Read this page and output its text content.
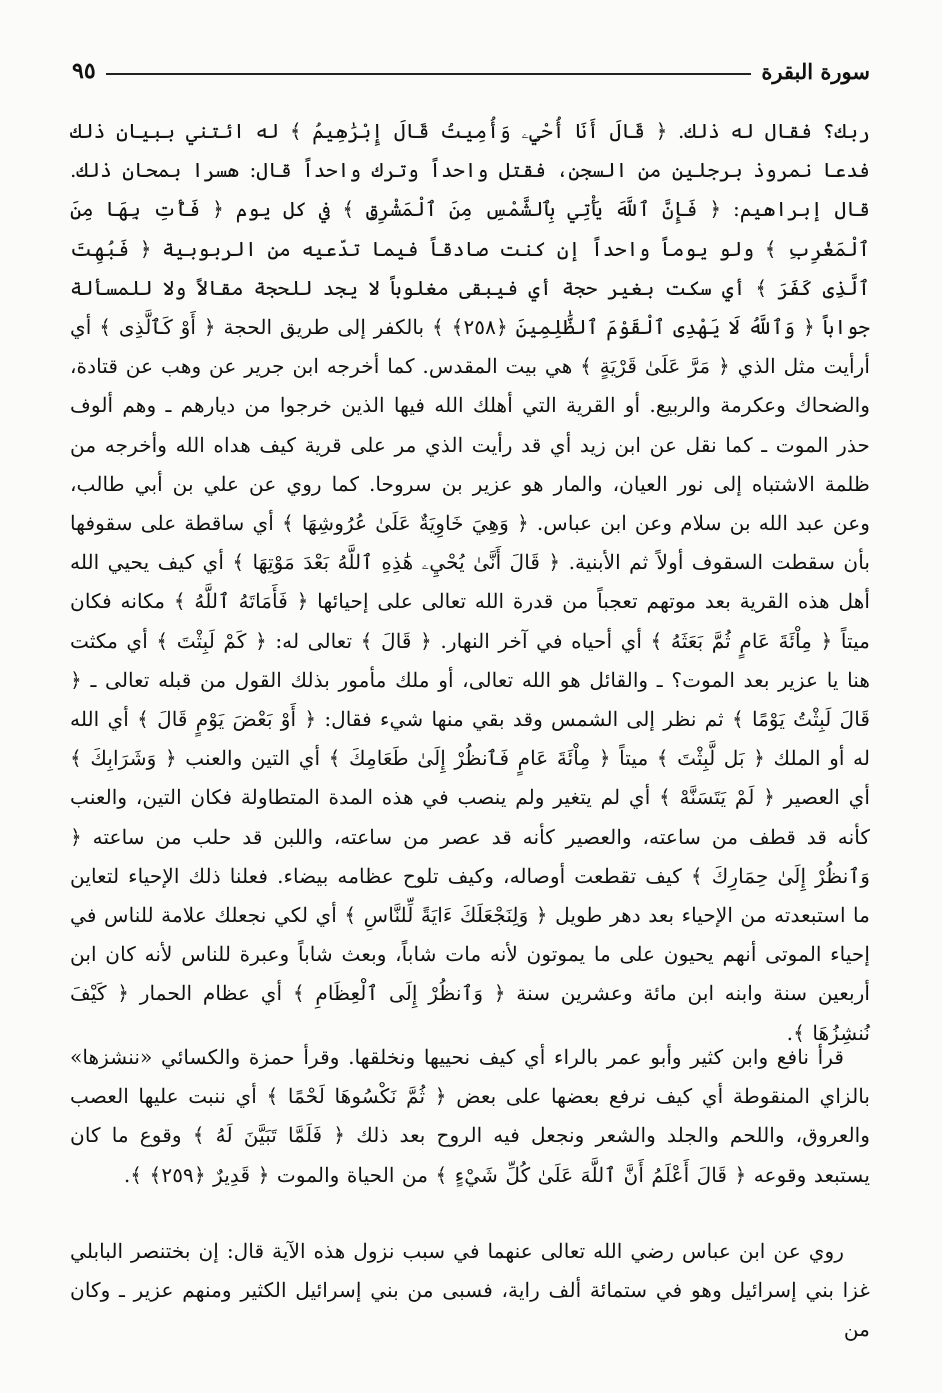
سورة البقرة
٩٥

ربك؟ فقال له ذلك. ﴿ قَالَ أَنَا أُحْيِۦ وَأُمِيتُ قَالَ إِبْرَٰهِيمُ ﴾ له ائتني ببيان ذلك فدعا نمروذ برجلين من السجن، فقتل واحداً وترك واحداً قال: هسرا بمحان ذلك. قال إبراهيم: ﴿ فَإِنَّ ٱللَّهَ يَأْتِي بِٱلشَّمْسِ مِنَ ٱلْمَشْرِقِ ﴾ في كل يوم ﴿ فَأْتِ بِهَا مِنَ ٱلْمَغْرِبِ ﴾ ولو يوماً واحداً إن كنت صادقاً فيما تدّعيه من الربوبية ﴿ فَبُهِتَ ٱلَّذِى كَفَرَ ﴾ أي سكت بغير حجة أي فيبقى مغلوباً لا يجد للحجة مقالاً ولا للمسألة جواباً ﴿ وَٱللَّهُ لَا يَهْدِى ٱلْقَوْمَ ٱلظَّٰلِمِينَ ﴿٢٥٨﴾ ﴾ بالكفر إلى طريق الحجة ﴿ أَوْ كَٱلَّذِى ﴾ أي أرأيت مثل الذي ﴿ مَرَّ عَلَىٰ قَرْيَةٍ ﴾ هي بيت المقدس. كما أخرجه ابن جرير عن وهب عن قتادة، والضحاك وعكرمة والربيع. أو القرية التي أهلك الله فيها الذين خرجوا من ديارهم ـ وهم ألوف حذر الموت ـ كما نقل عن ابن زيد أي قد رأيت الذي مر على قرية كيف هداه الله وأخرجه من ظلمة الاشتباه إلى نور العيان، والمار هو عزير بن سروحا. كما روي عن علي بن أبي طالب، وعن عبد الله بن سلام وعن ابن عباس. ﴿ وَهِيَ خَاوِيَةٌ عَلَىٰ عُرُوشِهَا ﴾ أي ساقطة على سقوفها بأن سقطت السقوف أولاً ثم الأبنية. ﴿ قَالَ أَنَّىٰ يُحْيِۦ هَٰذِهِ ٱللَّهُ بَعْدَ مَوْتِهَا ﴾ أي كيف يحيي الله أهل هذه القرية بعد موتهم تعجباً من قدرة الله تعالى على إحيائها ﴿ فَأَمَاتَهُ ٱللَّهُ ﴾ مكانه فكان ميتاً ﴿ مِاْئَةَ عَامٍ ثُمَّ بَعَثَهُ ﴾ أي أحياه في آخر النهار. ﴿ قَالَ ﴾ تعالى له: ﴿ كَمْ لَبِثْتَ ﴾ أي مكثت هنا يا عزير بعد الموت؟ ـ والقائل هو الله تعالى، أو ملك مأمور بذلك القول من قبله تعالى ـ ﴿ قَالَ لَبِثْتُ يَوْمًا ﴾ ثم نظر إلى الشمس وقد بقي منها شيء فقال: ﴿ أَوْ بَعْضَ يَوْمٍ قَالَ ﴾ أي الله له أو الملك ﴿ بَل لَّبِثْتَ ﴾ ميتاً ﴿ مِاْئَةَ عَامٍ فَٱنظُرْ إِلَىٰ طَعَامِكَ ﴾ أي التين والعنب ﴿ وَشَرَابِكَ ﴾ أي العصير ﴿ لَمْ يَتَسَنَّهْ ﴾ أي لم يتغير ولم ينصب في هذه المدة المتطاولة فكان التين، والعنب كأنه قد قطف من ساعته، والعصير كأنه قد عصر من ساعته، واللبن قد حلب من ساعته ﴿ وَٱنظُرْ إِلَىٰ حِمَارِكَ ﴾ كيف تقطعت أوصاله، وكيف تلوح عظامه بيضاء. فعلنا ذلك الإحياء لتعاين ما استبعدته من الإحياء بعد دهر طويل ﴿ وَلِنَجْعَلَكَ ءَايَةً لِّلنَّاسِ ﴾ أي لكي نجعلك علامة للناس في إحياء الموتى أنهم يحيون على ما يموتون لأنه مات شاباً، وبعث شاباً وعبرة للناس لأنه كان ابن أربعين سنة وابنه ابن مائة وعشرين سنة ﴿ وَٱنظُرْ إِلَى ٱلْعِظَامِ ﴾ أي عظام الحمار ﴿ كَيْفَ نُنشِزُهَا ﴾.

قرأ نافع وابن كثير وأبو عمر بالراء أي كيف نحييها ونخلقها. وقرأ حمزة والكسائي «ننشزها» بالزاي المنقوطة أي كيف نرفع بعضها على بعض ﴿ ثُمَّ نَكْسُوهَا لَحْمًا ﴾ أي ننبت عليها العصب والعروق، واللحم والجلد والشعر ونجعل فيه الروح بعد ذلك ﴿ فَلَمَّا تَبَيَّنَ لَهُ ﴾ وقوع ما كان يستبعد وقوعه ﴿ قَالَ أَعْلَمُ أَنَّ ٱللَّهَ عَلَىٰ كُلِّ شَيْءٍ ﴾ من الحياة والموت ﴿ قَدِيرٌ ﴿٢٥٩﴾ ﴾.

روي عن ابن عباس رضي الله تعالى عنهما في سبب نزول هذه الآية قال: إن بختنصر البابلي غزا بني إسرائيل وهو في ستمائة ألف راية، فسبى من بني إسرائيل الكثير ومنهم عزير ـ وكان من
